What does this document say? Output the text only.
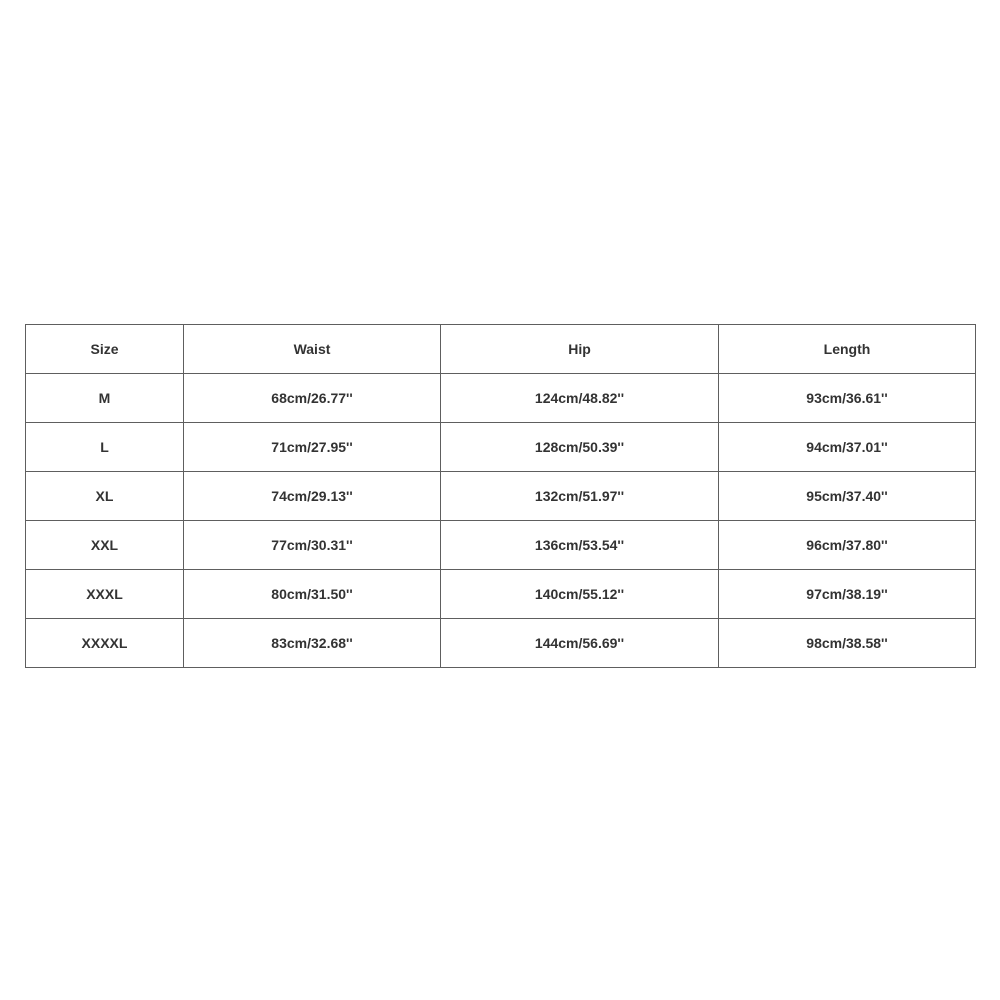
Size	Waist	Hip	Length
M	68cm/26.77''	124cm/48.82''	93cm/36.61''
L	71cm/27.95''	128cm/50.39''	94cm/37.01''
XL	74cm/29.13''	132cm/51.97''	95cm/37.40''
XXL	77cm/30.31''	136cm/53.54''	96cm/37.80''
XXXL	80cm/31.50''	140cm/55.12''	97cm/38.19''
XXXXL	83cm/32.68''	144cm/56.69''	98cm/38.58''
